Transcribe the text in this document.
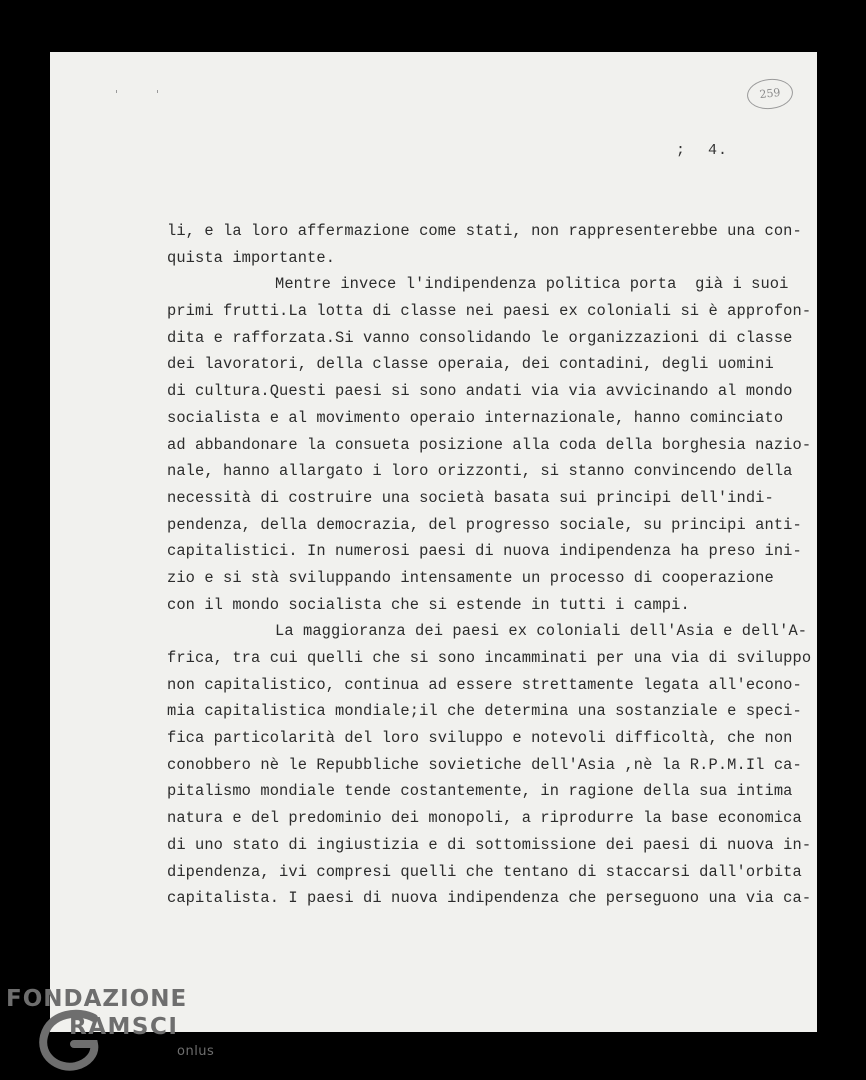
259
; 4.
li, e la loro affermazione come stati, non rappresenterebbe una con-
quista importante.
Mentre invece l'indipendenza politica porta  già i suoi
primi frutti.La lotta di classe nei paesi ex coloniali si è approfon-
dita e rafforzata.Si vanno consolidando le organizzazioni di classe
dei lavoratori, della classe operaia, dei contadini, degli uomini
di cultura.Questi paesi si sono andati via via avvicinando al mondo
socialista e al movimento operaio internazionale, hanno cominciato
ad abbandonare la consueta posizione alla coda della borghesia nazio-
nale, hanno allargato i loro orizzonti, si stanno convincendo della
necessità di costruire una società basata sui principi dell'indi-
pendenza, della democrazia, del progresso sociale, su principi anti-
capitalistici. In numerosi paesi di nuova indipendenza ha preso ini-
zio e si stà sviluppando intensamente un processo di cooperazione
con il mondo socialista che si estende in tutti i campi.
La maggioranza dei paesi ex coloniali dell'Asia e dell'A-
frica, tra cui quelli che si sono incamminati per una via di sviluppo
non capitalistico, continua ad essere strettamente legata all'econo-
mia capitalistica mondiale;il che determina una sostanziale e speci-
fica particolarità del loro sviluppo e notevoli difficoltà, che non
conobbero nè le Repubbliche sovietiche dell'Asia ,nè la R.P.M.Il ca-
pitalismo mondiale tende costantemente, in ragione della sua intima
natura e del predominio dei monopoli, a riprodurre la base economica
di uno stato di ingiustizia e di sottomissione dei paesi di nuova in-
dipendenza, ivi compresi quelli che tentano di staccarsi dall'orbita
capitalista. I paesi di nuova indipendenza che perseguono una via ca-
FONDAZIONE
RAMSCI
onlus
